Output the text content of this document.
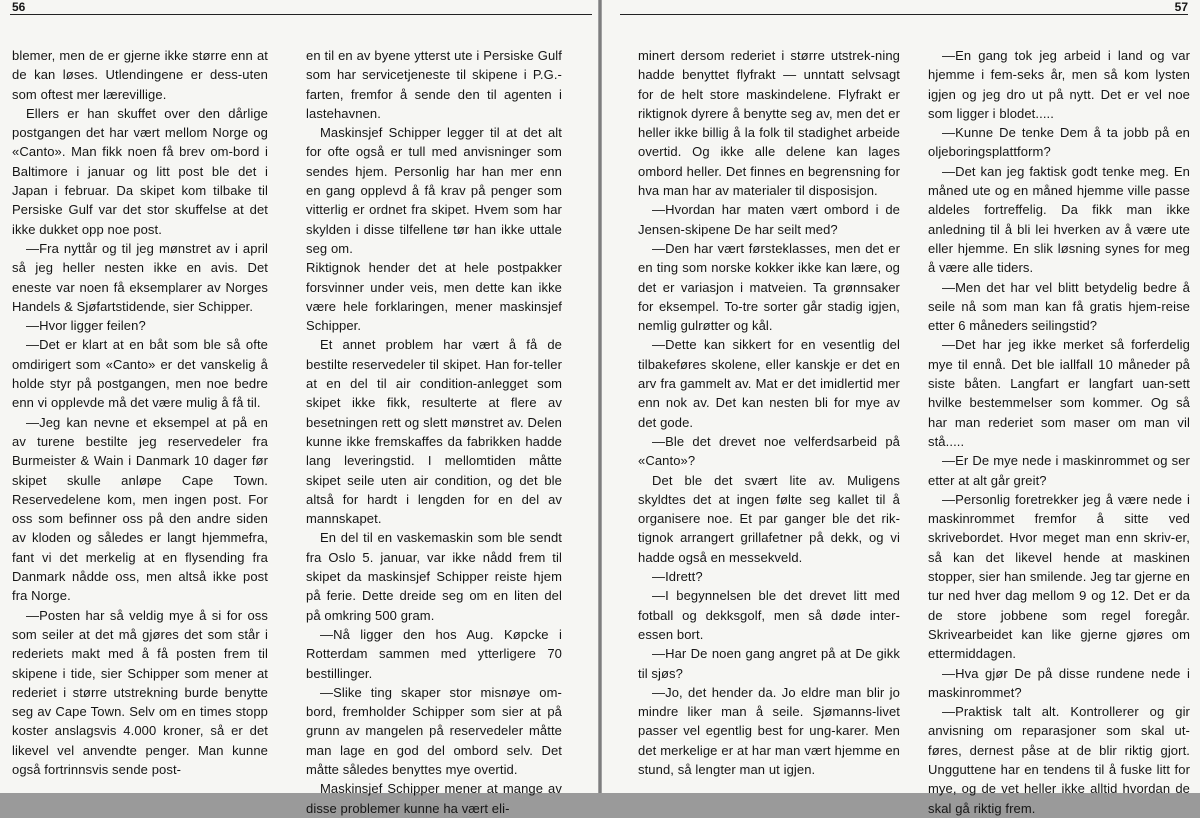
56

blemer, men de er gjerne ikke større enn at de kan løses. Utlendingene er dess-uten som oftest mer lærevillige.

Ellers er han skuffet over den dårlige postgangen det har vært mellom Norge og «Canto». Man fikk noen få brev om-bord i Baltimore i januar og litt post ble det i Japan i februar. Da skipet kom tilbake til Persiske Gulf var det stor skuffelse at det ikke dukket opp noe post.

—Fra nyttår og til jeg mønstret av i april så jeg heller nesten ikke en avis. Det eneste var noen få eksemplarer av Norges Handels & Sjøfartstidende, sier Schipper.

—Hvor ligger feilen?

—Det er klart at en båt som ble så ofte omdirigert som «Canto» er det vanskelig å holde styr på postgangen, men noe bedre enn vi opplevde må det være mulig å få til.

—Jeg kan nevne et eksempel at på en av turene bestilte jeg reservedeler fra Burmeister & Wain i Danmark 10 dager før skipet skulle anløpe Cape Town. Reservedelene kom, men ingen post. For oss som befinner oss på den andre siden av kloden og således er langt hjemmefra, fant vi det merkelig at en flysending fra Danmark nådde oss, men altså ikke post fra Norge.

—Posten har så veldig mye å si for oss som seiler at det må gjøres det som står i rederiets makt med å få posten frem til skipene i tide, sier Schipper som mener at rederiet i større utstrekning burde benytte seg av Cape Town. Selv om en times stopp koster anslagsvis 4.000 kroner, så er det likevel vel anvendte penger. Man kunne også fortrinnsvis sende post-

en til en av byene ytterst ute i Persiske Gulf som har servicetjeneste til skipene i P.G.-farten, fremfor å sende den til agenten i lastehavnen.

Maskinsjef Schipper legger til at det alt for ofte også er tull med anvisninger som sendes hjem. Personlig har han mer enn en gang opplevd å få krav på penger som vitterlig er ordnet fra skipet. Hvem som har skylden i disse tilfellene tør han ikke uttale seg om.

Riktignok hender det at hele postpakker forsvinner under veis, men dette kan ikke være hele forklaringen, mener maskinsjef Schipper.

Et annet problem har vært å få de bestilte reservedeler til skipet. Han for-teller at en del til air condition-anlegget som skipet ikke fikk, resulterte at flere av besetningen rett og slett mønstret av. Delen kunne ikke fremskaffes da fabrikken hadde lang leveringstid. I mellomtiden måtte skipet seile uten air condition, og det ble altså for hardt i lengden for en del av mannskapet.

En del til en vaskemaskin som ble sendt fra Oslo 5. januar, var ikke nådd frem til skipet da maskinsjef Schipper reiste hjem på ferie. Dette dreide seg om en liten del på omkring 500 gram.

—Nå ligger den hos Aug. Køpcke i Rotterdam sammen med ytterligere 70 bestillinger.

—Slike ting skaper stor misnøye om-bord, fremholder Schipper som sier at på grunn av mangelen på reservedeler måtte man lage en god del ombord selv. Det måtte således benyttes mye overtid.

Maskinsjef Schipper mener at mange av disse problemer kunne ha vært eli-

57

minert dersom rederiet i større utstrek-ning hadde benyttet flyfrakt — unntatt selvsagt for de helt store maskindelene. Flyfrakt er riktignok dyrere å benytte seg av, men det er heller ikke billig å la folk til stadighet arbeide overtid. Og ikke alle delene kan lages ombord heller. Det finnes en begrensning for hva man har av materialer til disposisjon.

—Hvordan har maten vært ombord i de Jensen-skipene De har seilt med?

—Den har vært førsteklasses, men det er en ting som norske kokker ikke kan lære, og det er variasjon i matveien. Ta grønnsaker for eksempel. To-tre sorter går stadig igjen, nemlig gulrøtter og kål.

—Dette kan sikkert for en vesentlig del tilbakeføres skolene, eller kanskje er det en arv fra gammelt av. Mat er det imidlertid mer enn nok av. Det kan nesten bli for mye av det gode.

—Ble det drevet noe velferdsarbeid på «Canto»?

Det ble det svært lite av. Muligens skyldtes det at ingen følte seg kallet til å organisere noe. Et par ganger ble det rik-tignok arrangert grillafetner på dekk, og vi hadde også en messekveld.

—Idrett?

—I begynnelsen ble det drevet litt med fotball og dekksgolf, men så døde inter-essen bort.

—Har De noen gang angret på at De gikk til sjøs?

—Jo, det hender da. Jo eldre man blir jo mindre liker man å seile. Sjømanns-livet passer vel egentlig best for ung-karer. Men det merkelige er at har man vært hjemme en stund, så lengter man ut igjen.

—En gang tok jeg arbeid i land og var hjemme i fem-seks år, men så kom lysten igjen og jeg dro ut på nytt. Det er vel noe som ligger i blodet.....

—Kunne De tenke Dem å ta jobb på en oljeboringsplattform?

—Det kan jeg faktisk godt tenke meg. En måned ute og en måned hjemme ville passe aldeles fortreffelig. Da fikk man ikke anledning til å bli lei hverken av å være ute eller hjemme. En slik løsning synes for meg å være alle tiders.

—Men det har vel blitt betydelig bedre å seile nå som man kan få gratis hjem-reise etter 6 måneders seilingstid?

—Det har jeg ikke merket så forferdelig mye til ennå. Det ble iallfall 10 måneder på siste båten. Langfart er langfart uan-sett hvilke bestemmelser som kommer. Og så har man rederiet som maser om man vil stå.....

—Er De mye nede i maskinrommet og ser etter at alt går greit?

—Personlig foretrekker jeg å være nede i maskinrommet fremfor å sitte ved skrivebordet. Hvor meget man enn skriv-er, så kan det likevel hende at maskinen stopper, sier han smilende. Jeg tar gjerne en tur ned hver dag mellom 9 og 12. Det er da de store jobbene som regel foregår. Skrivearbeidet kan like gjerne gjøres om ettermiddagen.

—Hva gjør De på disse rundene nede i maskinrommet?

—Praktisk talt alt. Kontrollerer og gir anvisning om reparasjoner som skal ut-føres, dernest påse at de blir riktig gjort. Ungguttene har en tendens til å fuske litt for mye, og de vet heller ikke alltid hvordan de skal gå riktig frem.
